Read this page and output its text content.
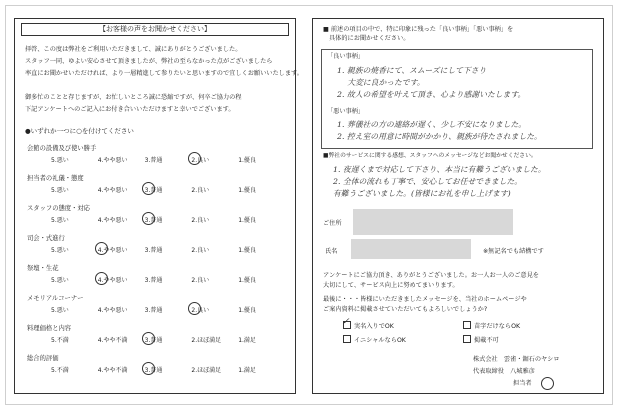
【お客様の声をお聞かせください】
拝啓、この度は弊社をご利用いただきまして、誠にありがとうございました。
スタッフ一同、ゆよい安心させて頂きましたが、弊社の至らなかった点がございましたら
率直にお聞かせいただければ、より一層精進して参りたいと思いますので宜しくお願いいたします。
御多忙のことと存じますが、お忙しいところ誠に恐縮ですが、何卒ご協力の程
下記アンケートへのご記入にお付き合いいただけますと幸いでございます。
●いずれか一つに○を付けてください
会館の設備及び使い勝手
5.悪い	4.やや悪い	3.普通	2.良い	1.優良
担当者の礼儀・態度
5.悪い	4.やや悪い	3.普通	2.良い	1.優良
スタッフの態度・対応
5.悪い	4.やや悪い	3.普通	2.良い	1.優良
司会・式進行
5.悪い	4.やや悪い	3.普通	2.良い	1.優良
祭壇・生花
5.悪い	4.やや悪い	3.普通	2.良い	1.優良
メモリアルコーナー
5.悪い	4.やや悪い	3.普通	2.良い	1.優良
料理価格と内容
5.不満	4.やや不満	3.普通	2.ほぼ満足	1.満足
総合的評価
5.不満	4.やや不満	3.普通	2.ほぼ満足	1.満足
■ 前述の項目の中で、特に印象に残った「良い事柄」「悪い事柄」を
具体的にお聞かせください。
「良い事柄」
1. 親族の焼香にて、スムーズにして下さり
　 大変に良かったです。
2. 故人の希望を叶えて頂き、心より感謝いたします。
「悪い事柄」
1. 葬儀社の方の連絡が遅く、少し不安になりました。
2. 控え室の用意に時間がかかり、親族が待たされました。
■弊社のサービスに関する感想、スタッフへのメッセージなどお聞かせください。
1. 夜遅くまで対応して下さり、本当に有難うございました。
2. 全体の流れも丁寧で、安心してお任せできました。
有難うございました。(皆様にお礼を申し上げます)
ご住所
氏名	※無記名でも結構です
アンケートにご協力頂き、ありがとうございました。お一人お一人のご意見を
大切にして、サービス向上に努めてまいります。
最後に・・・皆様にいただきましたメッセージを、当社のホームページや
ご案内資料に掲載させていただいてもよろしいでしょうか?
実名入りでOK
✓	苗字だけならOK
イニシャルならOK	掲載不可
株式会社　雲雀・鋸石のヤシロ
代表取締役　八城雅彦
担当者
